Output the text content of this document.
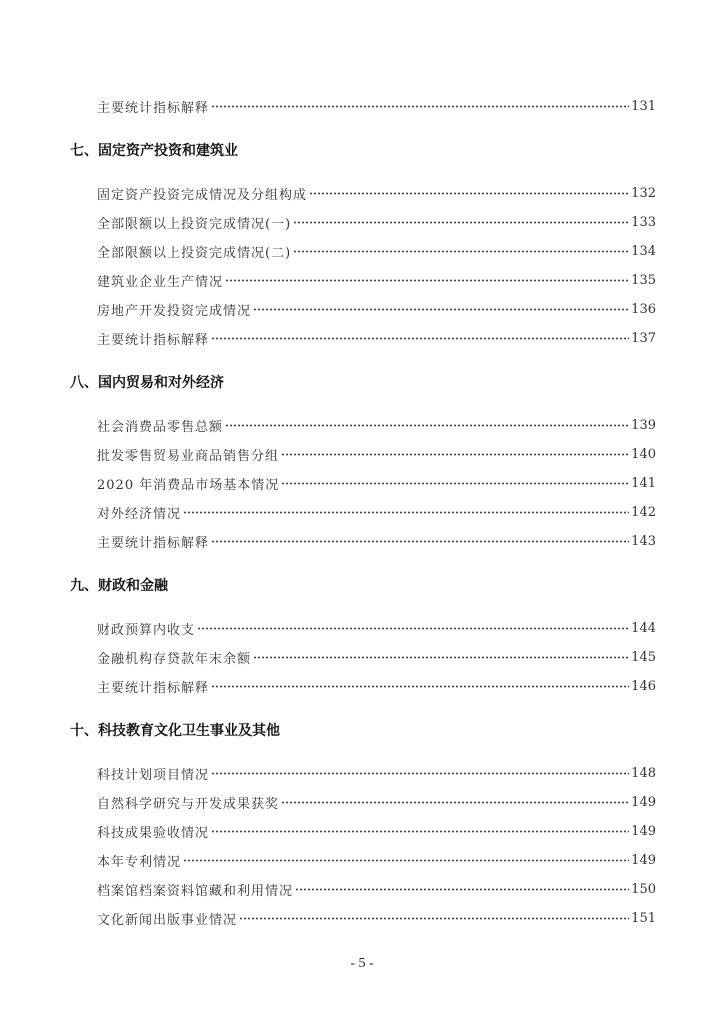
主要统计指标解释	131
七、固定资产投资和建筑业
固定资产投资完成情况及分组构成	132
全部限额以上投资完成情况(一)	133
全部限额以上投资完成情况(二)	134
建筑业企业生产情况	135
房地产开发投资完成情况	136
主要统计指标解释	137
八、国内贸易和对外经济
社会消费品零售总额	139
批发零售贸易业商品销售分组	140
2020 年消费品市场基本情况	141
对外经济情况	142
主要统计指标解释	143
九、财政和金融
财政预算内收支	144
金融机构存贷款年末余额	145
主要统计指标解释	146
十、科技教育文化卫生事业及其他
科技计划项目情况	148
自然科学研究与开发成果获奖	149
科技成果验收情况	149
本年专利情况	149
档案馆档案资料馆藏和利用情况	150
文化新闻出版事业情况	151
- 5 -
